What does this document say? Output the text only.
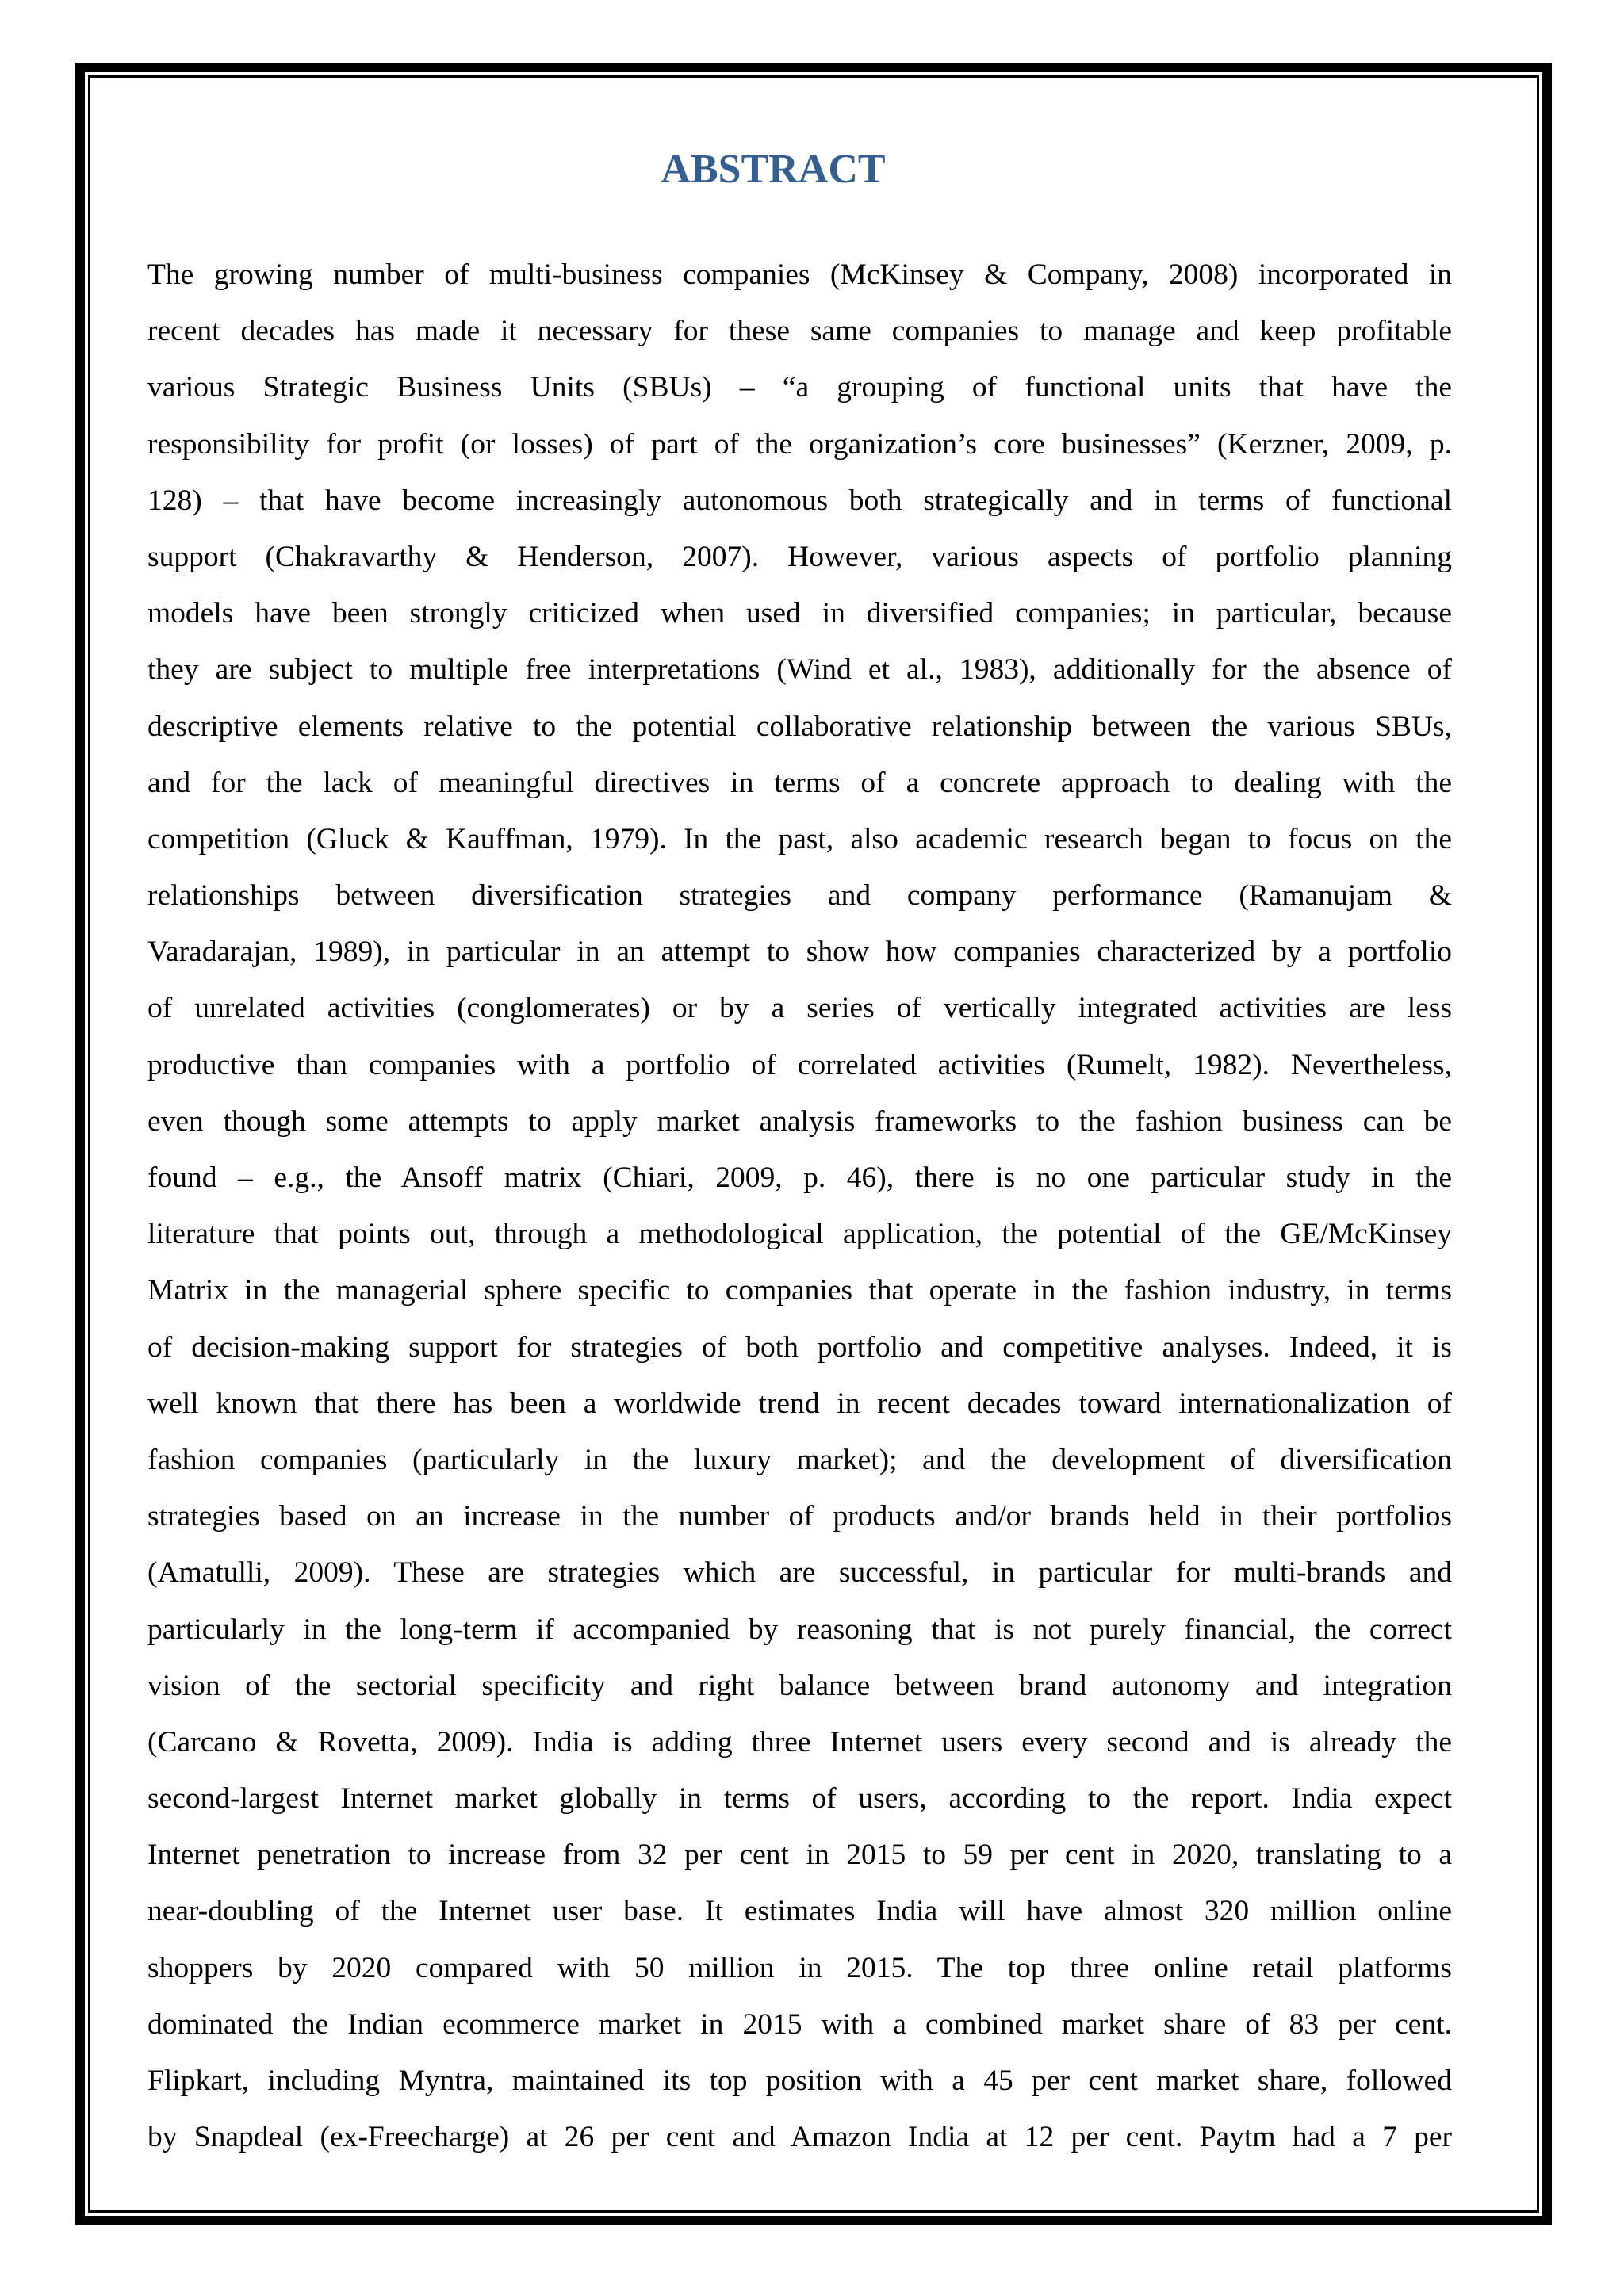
ABSTRACT
The growing number of multi-business companies (McKinsey & Company, 2008) incorporated in
recent decades has made it necessary for these same companies to manage and keep profitable
various Strategic Business Units (SBUs) – “a grouping of functional units that have the
responsibility for profit (or losses) of part of the organization’s core businesses” (Kerzner, 2009, p.
128) – that have become increasingly autonomous both strategically and in terms of functional
support (Chakravarthy & Henderson, 2007). However, various aspects of portfolio planning
models have been strongly criticized when used in diversified companies; in particular, because
they are subject to multiple free interpretations (Wind et al., 1983), additionally for the absence of
descriptive elements relative to the potential collaborative relationship between the various SBUs,
and for the lack of meaningful directives in terms of a concrete approach to dealing with the
competition (Gluck & Kauffman, 1979). In the past, also academic research began to focus on the
relationships between diversification strategies and company performance (Ramanujam &
Varadarajan, 1989), in particular in an attempt to show how companies characterized by a portfolio
of unrelated activities (conglomerates) or by a series of vertically integrated activities are less
productive than companies with a portfolio of correlated activities (Rumelt, 1982). Nevertheless,
even though some attempts to apply market analysis frameworks to the fashion business can be
found – e.g., the Ansoff matrix (Chiari, 2009, p. 46), there is no one particular study in the
literature that points out, through a methodological application, the potential of the GE/McKinsey
Matrix in the managerial sphere specific to companies that operate in the fashion industry, in terms
of decision-making support for strategies of both portfolio and competitive analyses. Indeed, it is
well known that there has been a worldwide trend in recent decades toward internationalization of
fashion companies (particularly in the luxury market); and the development of diversification
strategies based on an increase in the number of products and/or brands held in their portfolios
(Amatulli, 2009). These are strategies which are successful, in particular for multi-brands and
particularly in the long-term if accompanied by reasoning that is not purely financial, the correct
vision of the sectorial specificity and right balance between brand autonomy and integration
(Carcano & Rovetta, 2009). India is adding three Internet users every second and is already the
second-largest Internet market globally in terms of users, according to the report. India expect
Internet penetration to increase from 32 per cent in 2015 to 59 per cent in 2020, translating to a
near-doubling of the Internet user base. It estimates India will have almost 320 million online
shoppers by 2020 compared with 50 million in 2015. The top three online retail platforms
dominated the Indian ecommerce market in 2015 with a combined market share of 83 per cent.
Flipkart, including Myntra, maintained its top position with a 45 per cent market share, followed
by Snapdeal (ex-Freecharge) at 26 per cent and Amazon India at 12 per cent. Paytm had a 7 per
